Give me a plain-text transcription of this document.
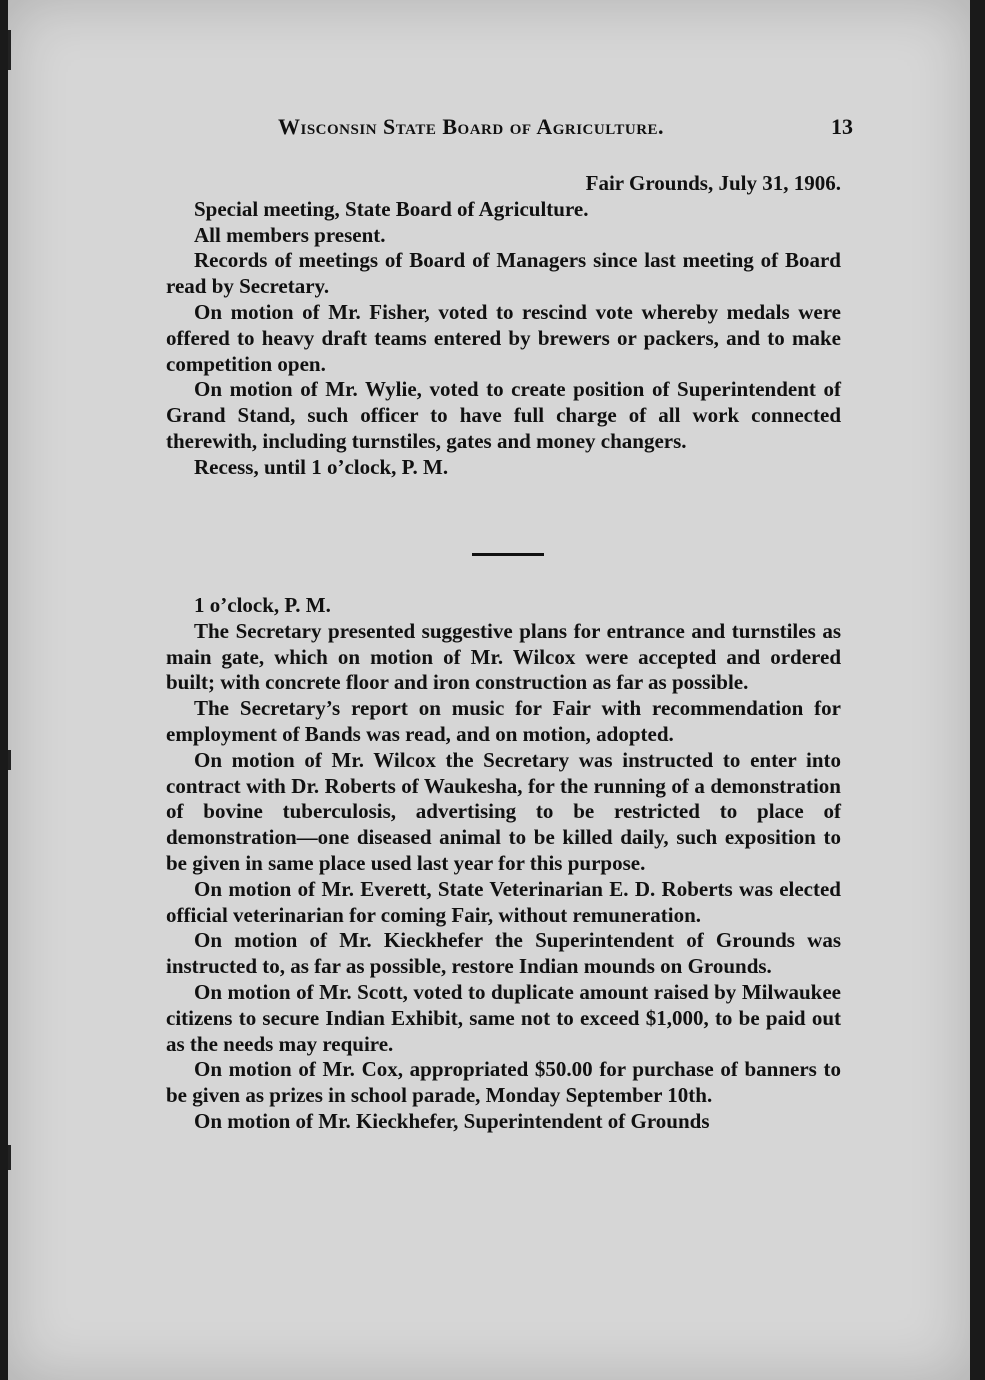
Wisconsin State Board of Agriculture.	13

Fair Grounds, July 31, 1906.

Special meeting, State Board of Agriculture.

All members present.

Records of meetings of Board of Managers since last meeting of Board read by Secretary.

On motion of Mr. Fisher, voted to rescind vote whereby medals were offered to heavy draft teams entered by brewers or packers, and to make competition open.

On motion of Mr. Wylie, voted to create position of Superintendent of Grand Stand, such officer to have full charge of all work connected therewith, including turnstiles, gates and money changers.

Recess, until 1 o’clock, P. M.

1 o’clock, P. M.

The Secretary presented suggestive plans for entrance and turnstiles as main gate, which on motion of Mr. Wilcox were accepted and ordered built; with concrete floor and iron construction as far as possible.

The Secretary’s report on music for Fair with recommendation for employment of Bands was read, and on motion, adopted.

On motion of Mr. Wilcox the Secretary was instructed to enter into contract with Dr. Roberts of Waukesha, for the running of a demonstration of bovine tuberculosis, advertising to be restricted to place of demonstration—one diseased animal to be killed daily, such exposition to be given in same place used last year for this purpose.

On motion of Mr. Everett, State Veterinarian E. D. Roberts was elected official veterinarian for coming Fair, without remuneration.

On motion of Mr. Kieckhefer the Superintendent of Grounds was instructed to, as far as possible, restore Indian mounds on Grounds.

On motion of Mr. Scott, voted to duplicate amount raised by Milwaukee citizens to secure Indian Exhibit, same not to exceed $1,000, to be paid out as the needs may require.

On motion of Mr. Cox, appropriated $50.00 for purchase of banners to be given as prizes in school parade, Monday September 10th.

On motion of Mr. Kieckhefer, Superintendent of Grounds
